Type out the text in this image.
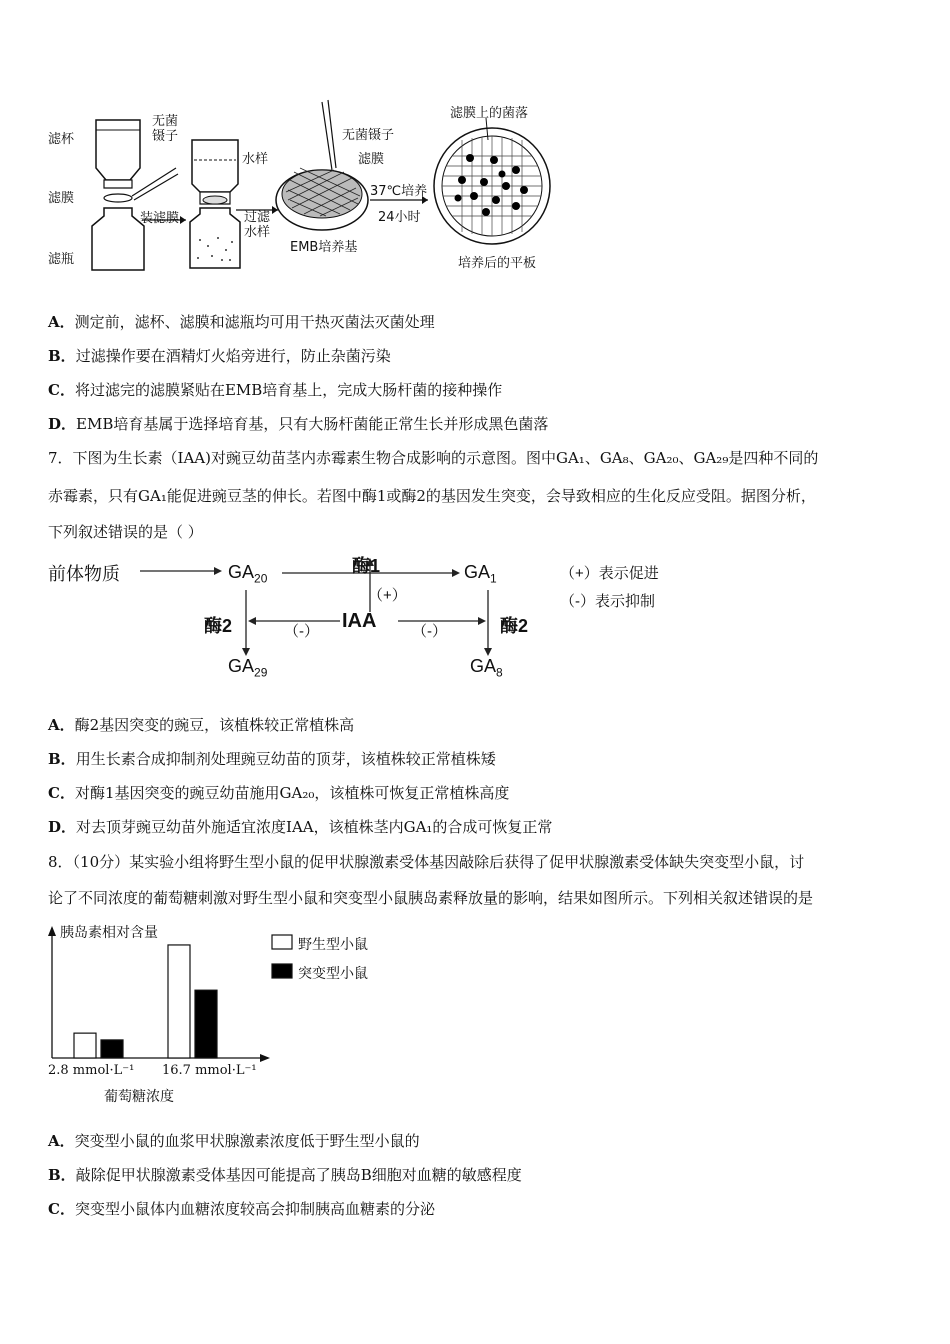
滤杯
滤膜
滤瓶
无菌镊子
水样
装滤膜	过滤水样
无菌镊子
滤膜
EMB培养基
37℃培养
24小时
滤膜上的菌落
培养后的平板
A．测定前，滤杯、滤膜和滤瓶均可用干热灭菌法灭菌处理
B．过滤操作要在酒精灯火焰旁进行，防止杂菌污染
C．将过滤完的滤膜紧贴在EMB培育基上，完成大肠杆菌的接种操作
D．EMB培育基属于选择培育基，只有大肠杆菌能正常生长并形成黑色菌落
7．下图为生长素（IAA)对豌豆幼苗茎内赤霉素生物合成影响的示意图。图中GA₁、GA₈、GA₂₀、GA₂₉是四种不同的
赤霉素，只有GA₁能促进豌豆茎的伸长。若图中酶1或酶2的基因发生突变，会导致相应的生化反应受阻。据图分析，
下列叙述错误的是（ ）
前体物质	$GA_{20}$	$GA_1$
酶1
（+）
酶2	（-） IAA （-）	酶2
$GA_{29}$	$GA_8$
（+）表示促进
（-）表示抑制
A．酶2基因突变的豌豆，该植株较正常植株高
B．用生长素合成抑制剂处理豌豆幼苗的顶芽，该植株较正常植株矮
C．对酶1基因突变的豌豆幼苗施用GA₂₀，该植株可恢复正常植株高度
D．对去顶芽豌豆幼苗外施适宜浓度IAA，该植株茎内GA₁的合成可恢复正常
8．（10分）某实验小组将野生型小鼠的促甲状腺激素受体基因敲除后获得了促甲状腺激素受体缺失突变型小鼠，讨
论了不同浓度的葡萄糖刺激对野生型小鼠和突变型小鼠胰岛素释放量的影响，结果如图所示。下列相关叙述错误的是
胰岛素相对含量
野生型小鼠
突变型小鼠
2.8 mmol·L⁻¹ 16.7 mmol·L⁻¹
葡萄糖浓度
A．突变型小鼠的血浆甲状腺激素浓度低于野生型小鼠的
B．敲除促甲状腺激素受体基因可能提高了胰岛B细胞对血糖的敏感程度
C．突变型小鼠体内血糖浓度较高会抑制胰高血糖素的分泌
